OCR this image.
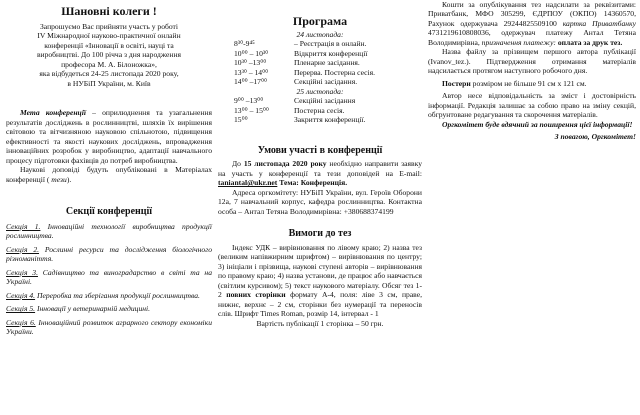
Шановні колеги !

Запрошуємо Вас прийняти участь у роботі

IV Міжнародної науково-практичної онлайн

конференції «Інновації в освіті, науці та

виробництві. До 100 річча з дня народження

професора М. А. Білоножка»,

яка відбудеться 24-25 листопада 2020 року,

в НУБіП України, м. Київ

Мета конференції – оприлюднення та узагальнення результатів досліджень в рослинництві, шляхів їх вирішення світовою та вітчизняною науковою спільнотою, підвищення ефективності та якості наукових досліджень, впровадження інноваційних розробок у виробництво, адаптації навчального процесу підготовки фахівців до потреб виробництва.

Наукові доповіді будуть опубліковані в Матеріалах конференції ( тези).

Секції конференції

Секція 1. Інноваційні технології виробництва продукції рослинництва.

Секція 2. Рослинні ресурси та дослідження біологічного різноманіття.

Секція 3. Садівництво та виноградарство в світі та на Україні.

Секція 4. Переробка та зберігання продукції рослинництва.

Секція 5. Інновації у ветеринарній медицині.

Секція 6. Інноваційний розвиток аграрного сектору економіки України.

Програма

24 листопада:

8³⁰-9⁴⁵	– Реєстрація в онлайн.
10⁰⁰ – 10³⁰	Відкриття конференції
10³⁰ –13⁰⁰	Пленарне засідання.
13³⁰ – 14⁰⁰	Перерва. Постерна сесія.
14⁰⁰ –17⁰⁰	Секційні засідання.

25 листопада:

9⁰⁰ –13⁰⁰	Секційні засідання
13⁰⁰ – 15⁰⁰	Постерна сесія.
15⁰⁰	Закриття конференції.
Умови участі в конференції

До 15 листопада 2020 року необхідно направити заявку на участь у конференції та тези доповідей на E-mail: taniantal@ukr.net Тема: Конференція.

Адреса оргкомітету: НУБіП України, вул. Героїв Оборони 12а, 7 навчальний корпус, кафедра рослинництва. Контактна особа – Антал Тетяна Володимирівна: +380688374199

Вимоги до тез

Індекс УДК – вирівнювання по лівому краю; 2) назва тез (великим напівжирним шрифтом) – вирівнювання по центру; 3) ініціали і прізвища, наукові ступені авторів – вирівнювання по правому краю; 4) назва установи, де працює або навчається (світлим курсивом); 5) текст наукового матеріалу. Обсяг тез 1-2 повних сторінки формату А-4, поля: ліве 3 см, праве, нижнє, верхнє – 2 см, сторінки без нумерації та переносів слів. Шрифт Times Roman, розмір 14, інтервал - 1

Вартість публікації 1 сторінка – 50 грн.

Кошти за опублікування тез надсилати за реквізитами: Приватбанк, МФО 305299, ЄДРПОУ (ОКПО) 14360570, Рахунок одержувача 29244825509100 картка Приватбанку 4731219610808036, одержувач платежу Антал Тетяна Володимирівна, призначення платежу: оплата за друк тез.

Назва файлу за прізвищем першого автора публікації (Ivanov_tez.). Підтвердження отримання матеріалів надсилається протягом наступного робочого дня.

Постери розміром не більше 91 см х 121 см.

Автор несе відповідальність за зміст і достовірність інформації. Редакція залишає за собою право на зміну секцій, обгрунтоване редагування та скорочення матеріалів.

Оргкомітет буде вдячний за поширення цієї інформації!

З повагою, Оргкомітет!
